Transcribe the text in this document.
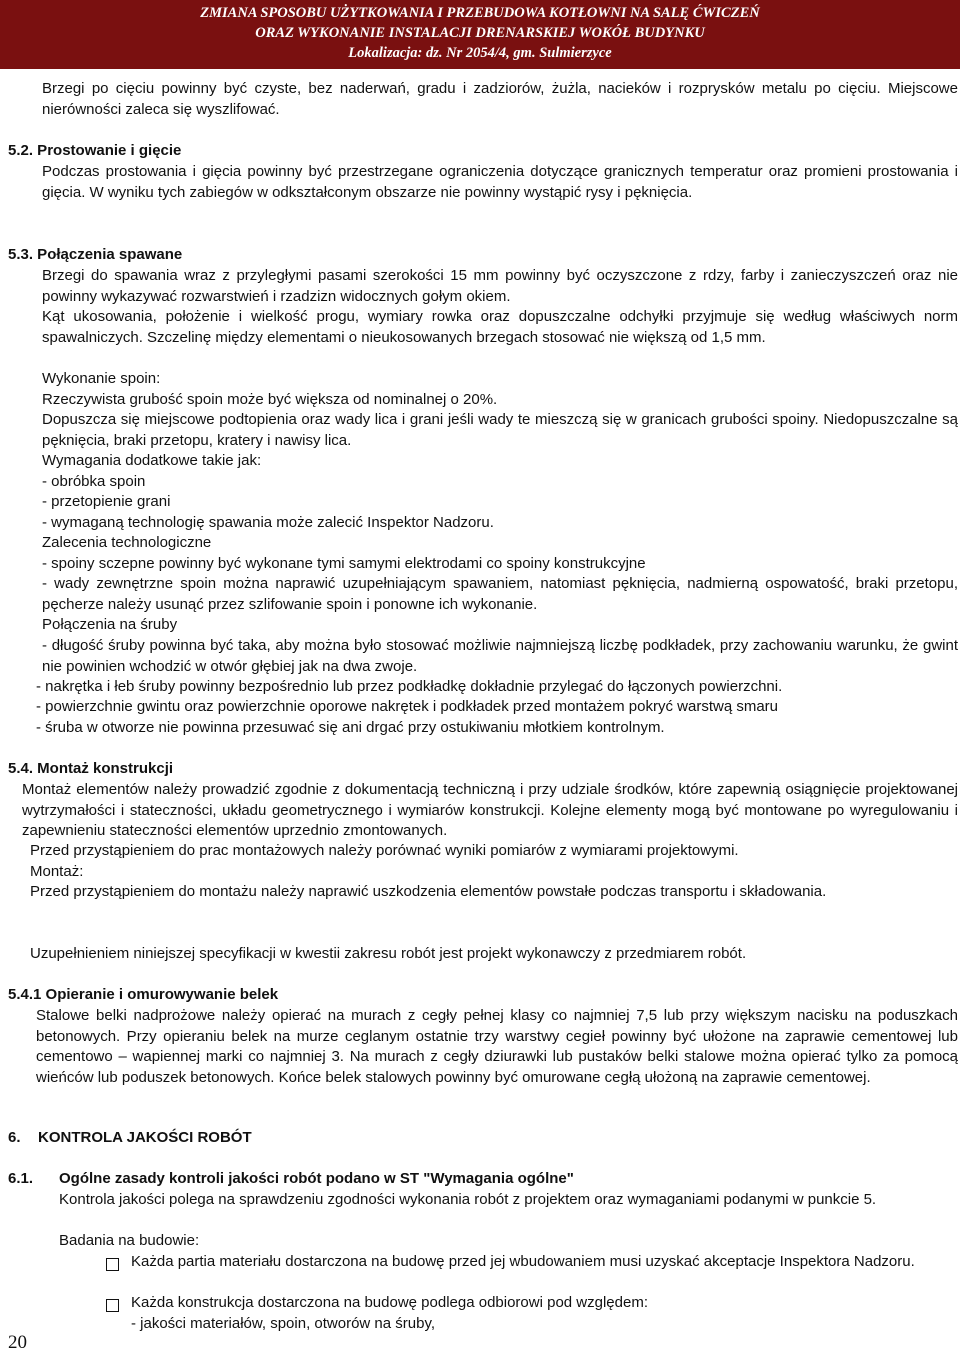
ZMIANA SPOSOBU UŻYTKOWANIA I PRZEBUDOWA KOTŁOWNI NA SALĘ ĆWICZEŃ
ORAZ WYKONANIE INSTALACJI DRENARSKIEJ WOKÓŁ BUDYNKU
Lokalizacja: dz. Nr 2054/4, gm. Sulmierzyce
Brzegi po cięciu powinny być czyste, bez naderwań, gradu i zadziorów, żużla, nacieków i rozprysków metalu po cięciu. Miejscowe nierówności zaleca się wyszlifować.
5.2. Prostowanie i gięcie
Podczas prostowania i gięcia powinny być przestrzegane ograniczenia dotyczące granicznych temperatur oraz promieni prostowania i gięcia. W wyniku tych zabiegów w odkształconym obszarze nie powinny wystąpić rysy i pęknięcia.
5.3. Połączenia spawane
Brzegi do spawania wraz z przyległymi pasami szerokości 15 mm powinny być oczyszczone z rdzy, farby i zanieczyszczeń oraz nie powinny wykazywać rozwarstwień i rzadzizn widocznych gołym okiem.
Kąt ukosowania, położenie i wielkość progu, wymiary rowka oraz dopuszczalne odchyłki przyjmuje się według właściwych norm spawalniczych. Szczelinę między elementami o nieukosowanych brzegach stosować nie większą od 1,5 mm.
Wykonanie spoin:
Rzeczywista grubość spoin może być większa od nominalnej o 20%.
Dopuszcza się miejscowe podtopienia oraz wady lica i grani jeśli wady te mieszczą się w granicach grubości spoiny. Niedopuszczalne są pęknięcia, braki przetopu, kratery i nawisy lica.
Wymagania dodatkowe takie jak:
- obróbka spoin
- przetopienie grani
- wymaganą technologię spawania może zalecić Inspektor Nadzoru.
Zalecenia technologiczne
- spoiny sczepne powinny być wykonane tymi samymi elektrodami co spoiny konstrukcyjne
- wady zewnętrzne spoin można naprawić uzupełniającym spawaniem, natomiast pęknięcia, nadmierną ospowatość, braki przetopu, pęcherze należy usunąć przez szlifowanie spoin i ponowne ich wykonanie.
Połączenia na śruby
- długość śruby powinna być taka, aby można było stosować możliwie najmniejszą liczbę podkładek, przy zachowaniu warunku, że gwint nie powinien wchodzić w otwór głębiej jak na dwa zwoje.
- nakrętka i łeb śruby powinny bezpośrednio lub przez podkładkę dokładnie przylegać do łączonych powierzchni.
- powierzchnie gwintu oraz powierzchnie oporowe nakrętek i podkładek przed montażem pokryć warstwą smaru
- śruba w otworze nie powinna przesuwać się ani drgać przy ostukiwaniu młotkiem kontrolnym.
5.4. Montaż konstrukcji
Montaż elementów należy prowadzić zgodnie z dokumentacją techniczną i przy udziale środków, które zapewnią osiągnięcie projektowanej wytrzymałości i stateczności, układu geometrycznego i wymiarów konstrukcji. Kolejne elementy mogą być montowane po wyregulowaniu i zapewnieniu stateczności elementów uprzednio zmontowanych.
Przed przystąpieniem do prac montażowych należy porównać wyniki pomiarów z wymiarami projektowymi.
Montaż:
Przed przystąpieniem do montażu należy naprawić uszkodzenia elementów powstałe podczas transportu i składowania.
Uzupełnieniem niniejszej specyfikacji w kwestii zakresu robót jest projekt wykonawczy z przedmiarem robót.
5.4.1 Opieranie i omurowywanie belek
Stalowe belki nadprożowe należy opierać na murach z cegły pełnej klasy co najmniej 7,5 lub przy większym nacisku na poduszkach betonowych. Przy opieraniu belek na murze ceglanym ostatnie trzy warstwy cegieł powinny być ułożone na zaprawie cementowej lub cementowo – wapiennej marki co najmniej 3. Na murach z cegły dziurawki lub pustaków belki stalowe można opierać tylko za pomocą wieńców lub poduszek betonowych. Końce belek stalowych powinny być omurowane cegłą ułożoną na zaprawie cementowej.
6. KONTROLA JAKOŚCI ROBÓT
6.1. Ogólne zasady kontroli jakości robót podano w ST "Wymagania ogólne"
Kontrola jakości polega na sprawdzeniu zgodności wykonania robót z projektem oraz wymaganiami podanymi w punkcie 5.
Badania na budowie:
Każda partia materiału dostarczona na budowę przed jej wbudowaniem musi uzyskać akceptacje Inspektora Nadzoru.
Każda konstrukcja dostarczona na budowę podlega odbiorowi pod względem:
- jakości materiałów, spoin, otworów na śruby,
20
